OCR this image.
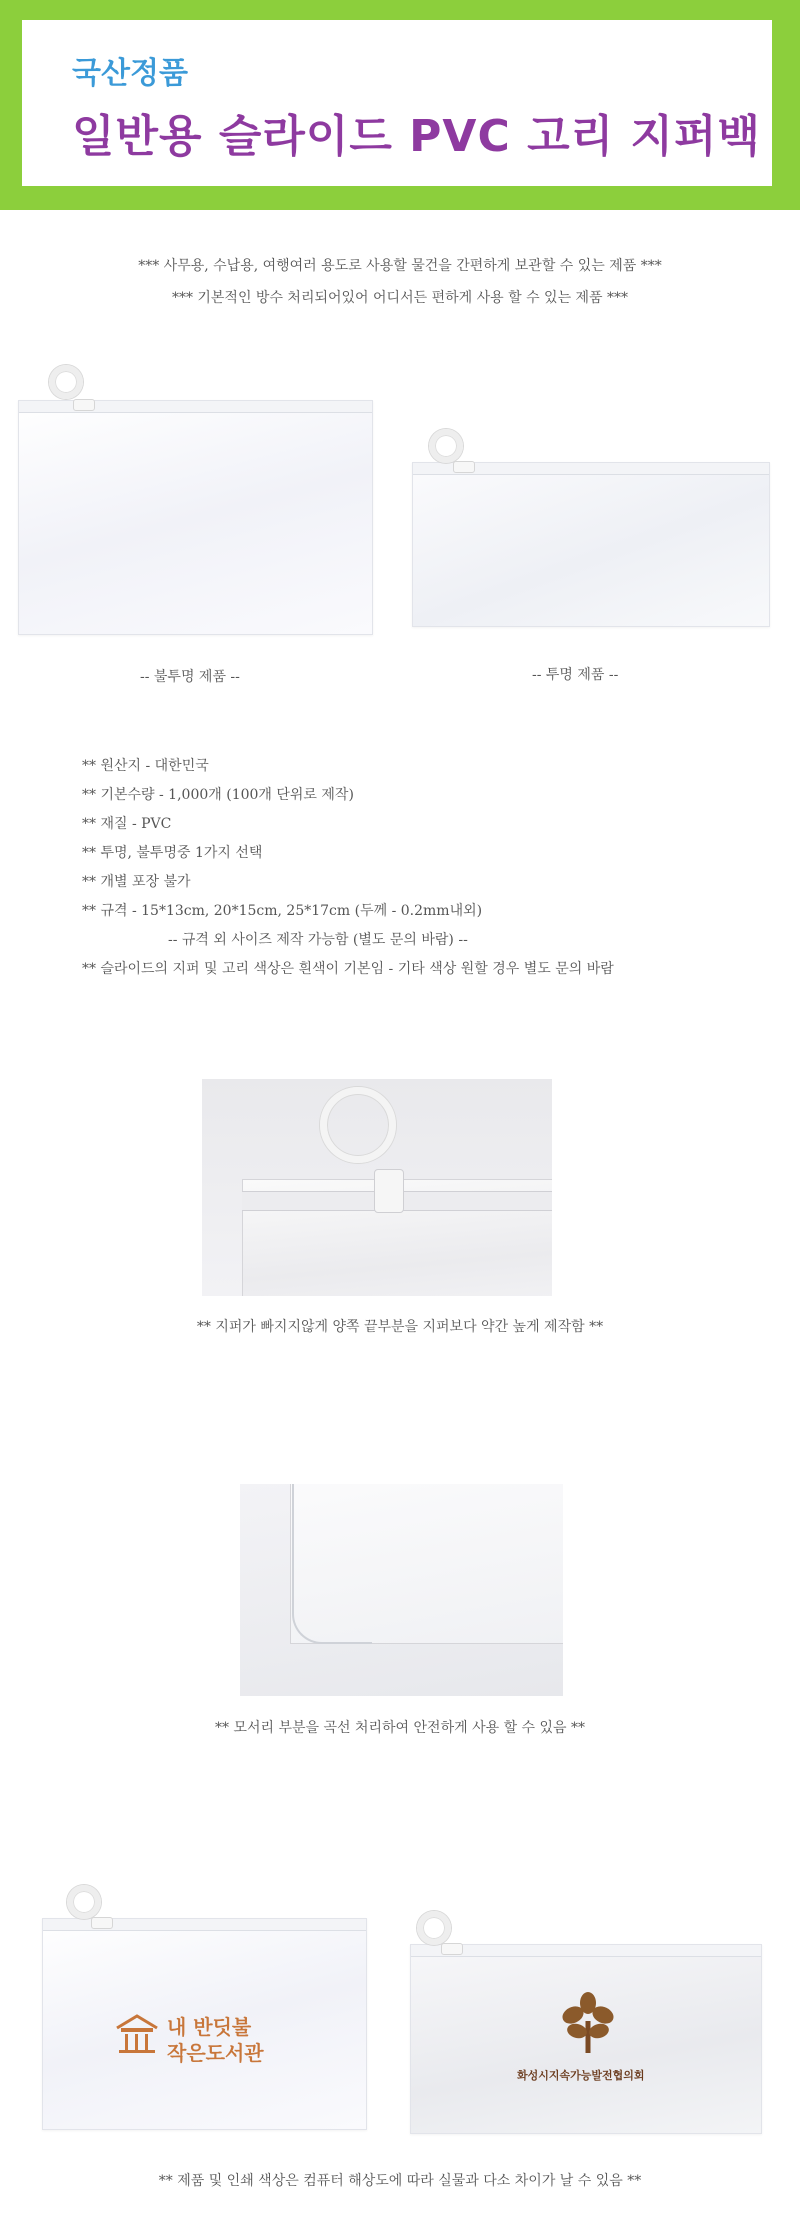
국산정품
일반용 슬라이드 PVC 고리 지퍼백
*** 사무용, 수납용, 여행여러 용도로 사용할 물건을 간편하게 보관할 수 있는 제품 ***
*** 기본적인 방수 처리되어있어 어디서든 편하게 사용 할 수 있는 제품 ***
-- 불투명 제품 --	-- 투명 제품 --
** 원산지 - 대한민국
** 기본수량 - 1,000개 (100개 단위로 제작)
** 재질 - PVC
** 투명, 불투명중 1가지 선택
** 개별 포장 불가
** 규격 - 15*13cm, 20*15cm, 25*17cm (두께 - 0.2mm내외)
-- 규격 외 사이즈 제작 가능함 (별도 문의 바람) --
** 슬라이드의 지퍼 및 고리 색상은 흰색이 기본임 - 기타 색상 원할 경우 별도 문의 바람
** 지퍼가 빠지지않게 양쪽 끝부분을 지퍼보다 약간 높게 제작함 **
** 모서리 부분을 곡선 처리하여 안전하게 사용 할 수 있음 **
내 반딧불
작은도서관
화성시지속가능발전협의회
** 제품 및 인쇄 색상은 컴퓨터 해상도에 따라 실물과 다소 차이가 날 수 있음 **
